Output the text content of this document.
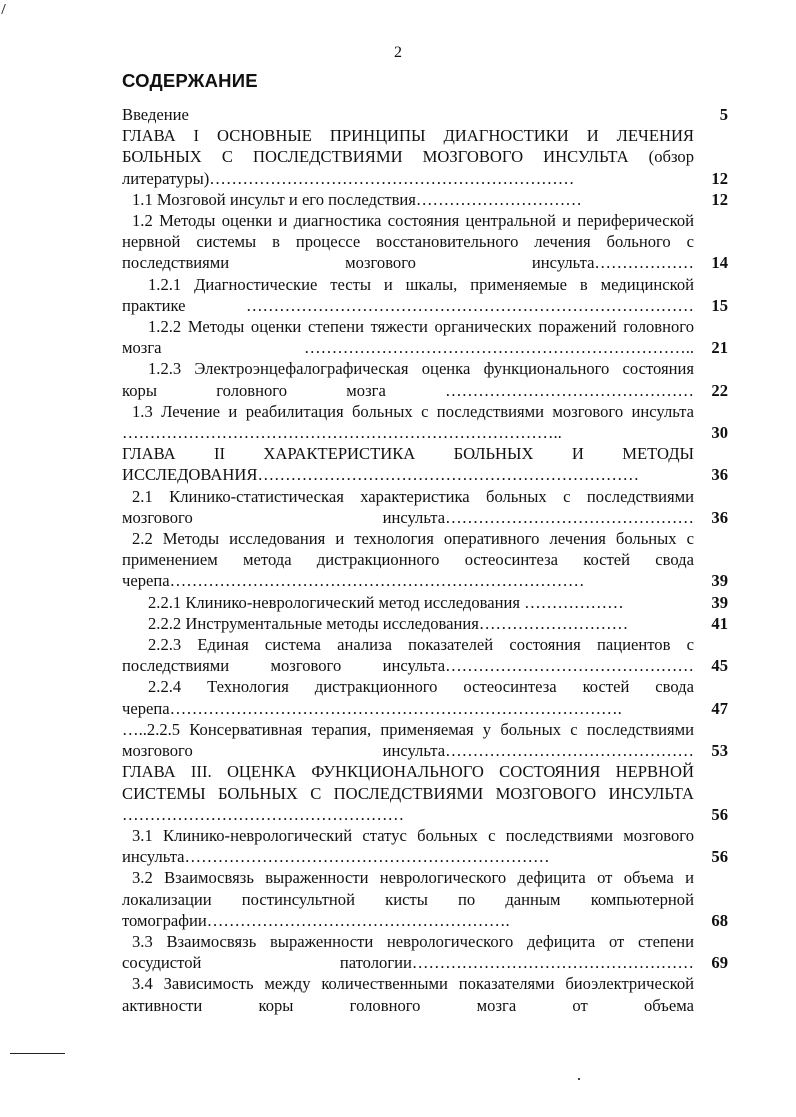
2
СОДЕРЖАНИЕ
Введение	5
ГЛАВА I ОСНОВНЫЕ ПРИНЦИПЫ ДИАГНОСТИКИ И ЛЕЧЕНИЯ БОЛЬНЫХ С ПОСЛЕДСТВИЯМИ МОЗГОВОГО ИНСУЛЬТА (обзор литературы)…………………………………………………………	12
1.1 Мозговой инсульт и его последствия…………………………	12
1.2 Методы оценки и диагностика состояния центральной и периферической нервной системы в процессе восстановительного лечения больного с последствиями мозгового инсульта………………	14
1.2.1 Диагностические тесты и шкалы, применяемые в медицинской практике ………………………………………………………………………	15
1.2.2 Методы оценки степени тяжести органических поражений головного мозга ……………………………………………………………..	21
1.2.3 Электроэнцефалографическая оценка функционального состояния коры головного мозга ………………………………………	22
1.3 Лечение и реабилитация больных с последствиями мозгового инсульта ……………………………………………………………………..	30
ГЛАВА II ХАРАКТЕРИСТИКА БОЛЬНЫХ И МЕТОДЫ ИССЛЕДОВАНИЯ……………………………………………………………	36
2.1 Клинико-статистическая характеристика больных с последствиями мозгового инсульта………………………………………	36
2.2 Методы исследования и технология оперативного лечения больных с применением метода дистракционного остеосинтеза костей свода черепа…………………………………………………………………	39
2.2.1 Клинико-неврологический метод исследования ………………	39
2.2.2 Инструментальные методы исследования………………………	41
2.2.3 Единая система анализа показателей состояния пациентов с последствиями мозгового инсульта………………………………………	45
2.2.4 Технология дистракционного остеосинтеза костей свода черепа……………………………………………………………………….	47
…..2.2.5 Консервативная терапия, применяемая у больных с последствиями мозгового инсульта………………………………………	53
ГЛАВА III. ОЦЕНКА ФУНКЦИОНАЛЬНОГО СОСТОЯНИЯ НЕРВНОЙ СИСТЕМЫ БОЛЬНЫХ С ПОСЛЕДСТВИЯМИ МОЗГОВОГО ИНСУЛЬТА ……………………………………………	56
3.1 Клинико-неврологический статус больных с последствиями мозгового инсульта…………………………………………………………	56
3.2 Взаимосвязь выраженности неврологического дефицита от объема и локализации постинсультной кисты по данным компьютерной томографии……………………………………………….	68
3.3 Взаимосвязь выраженности неврологического дефицита от степени сосудистой патологии……………………………………………	69
3.4 Зависимость между количественными показателями биоэлектрической активности коры головного мозга от объема
